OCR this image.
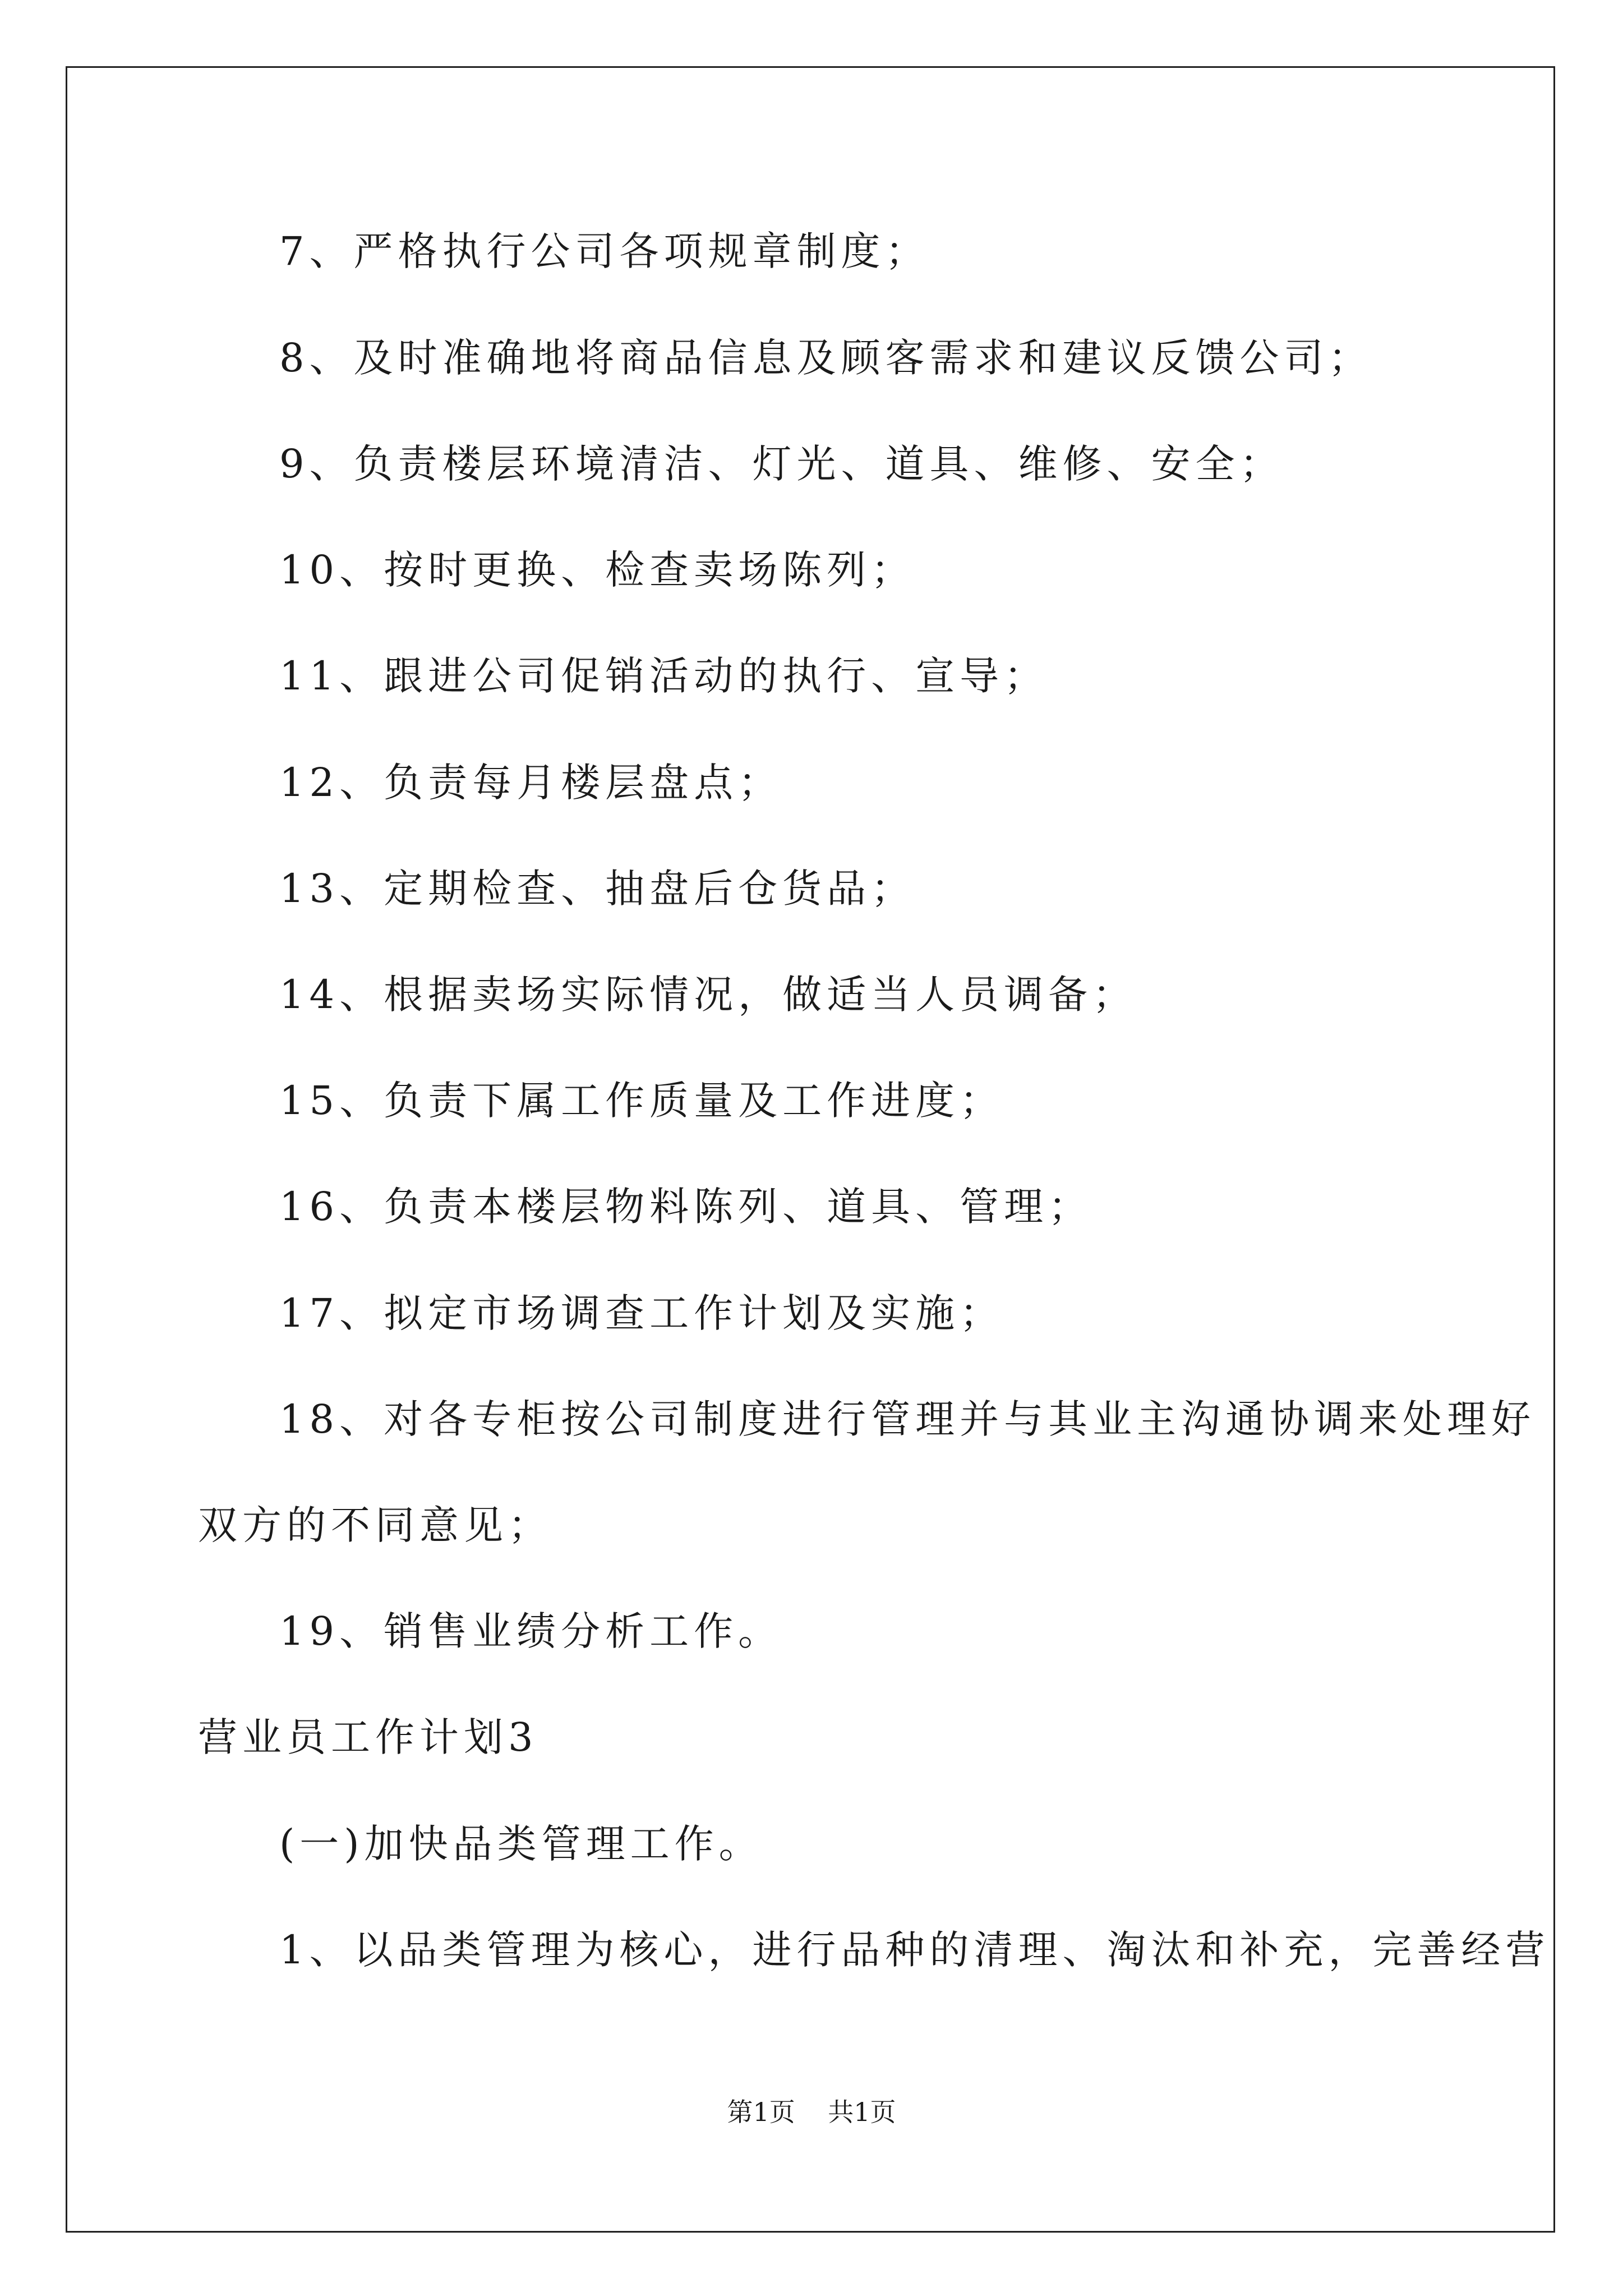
7、严格执行公司各项规章制度；
8、及时准确地将商品信息及顾客需求和建议反馈公司；
9、负责楼层环境清洁、灯光、道具、维修、安全；
10、按时更换、检查卖场陈列；
11、跟进公司促销活动的执行、宣导；
12、负责每月楼层盘点；
13、定期检查、抽盘后仓货品；
14、根据卖场实际情况，做适当人员调备；
15、负责下属工作质量及工作进度；
16、负责本楼层物料陈列、道具、管理；
17、拟定市场调查工作计划及实施；
18、对各专柜按公司制度进行管理并与其业主沟通协调来处理好
双方的不同意见；
19、销售业绩分析工作。
营业员工作计划3
(一)加快品类管理工作。
1、以品类管理为核心，进行品种的清理、淘汰和补充，完善经营
第1页    共1页
